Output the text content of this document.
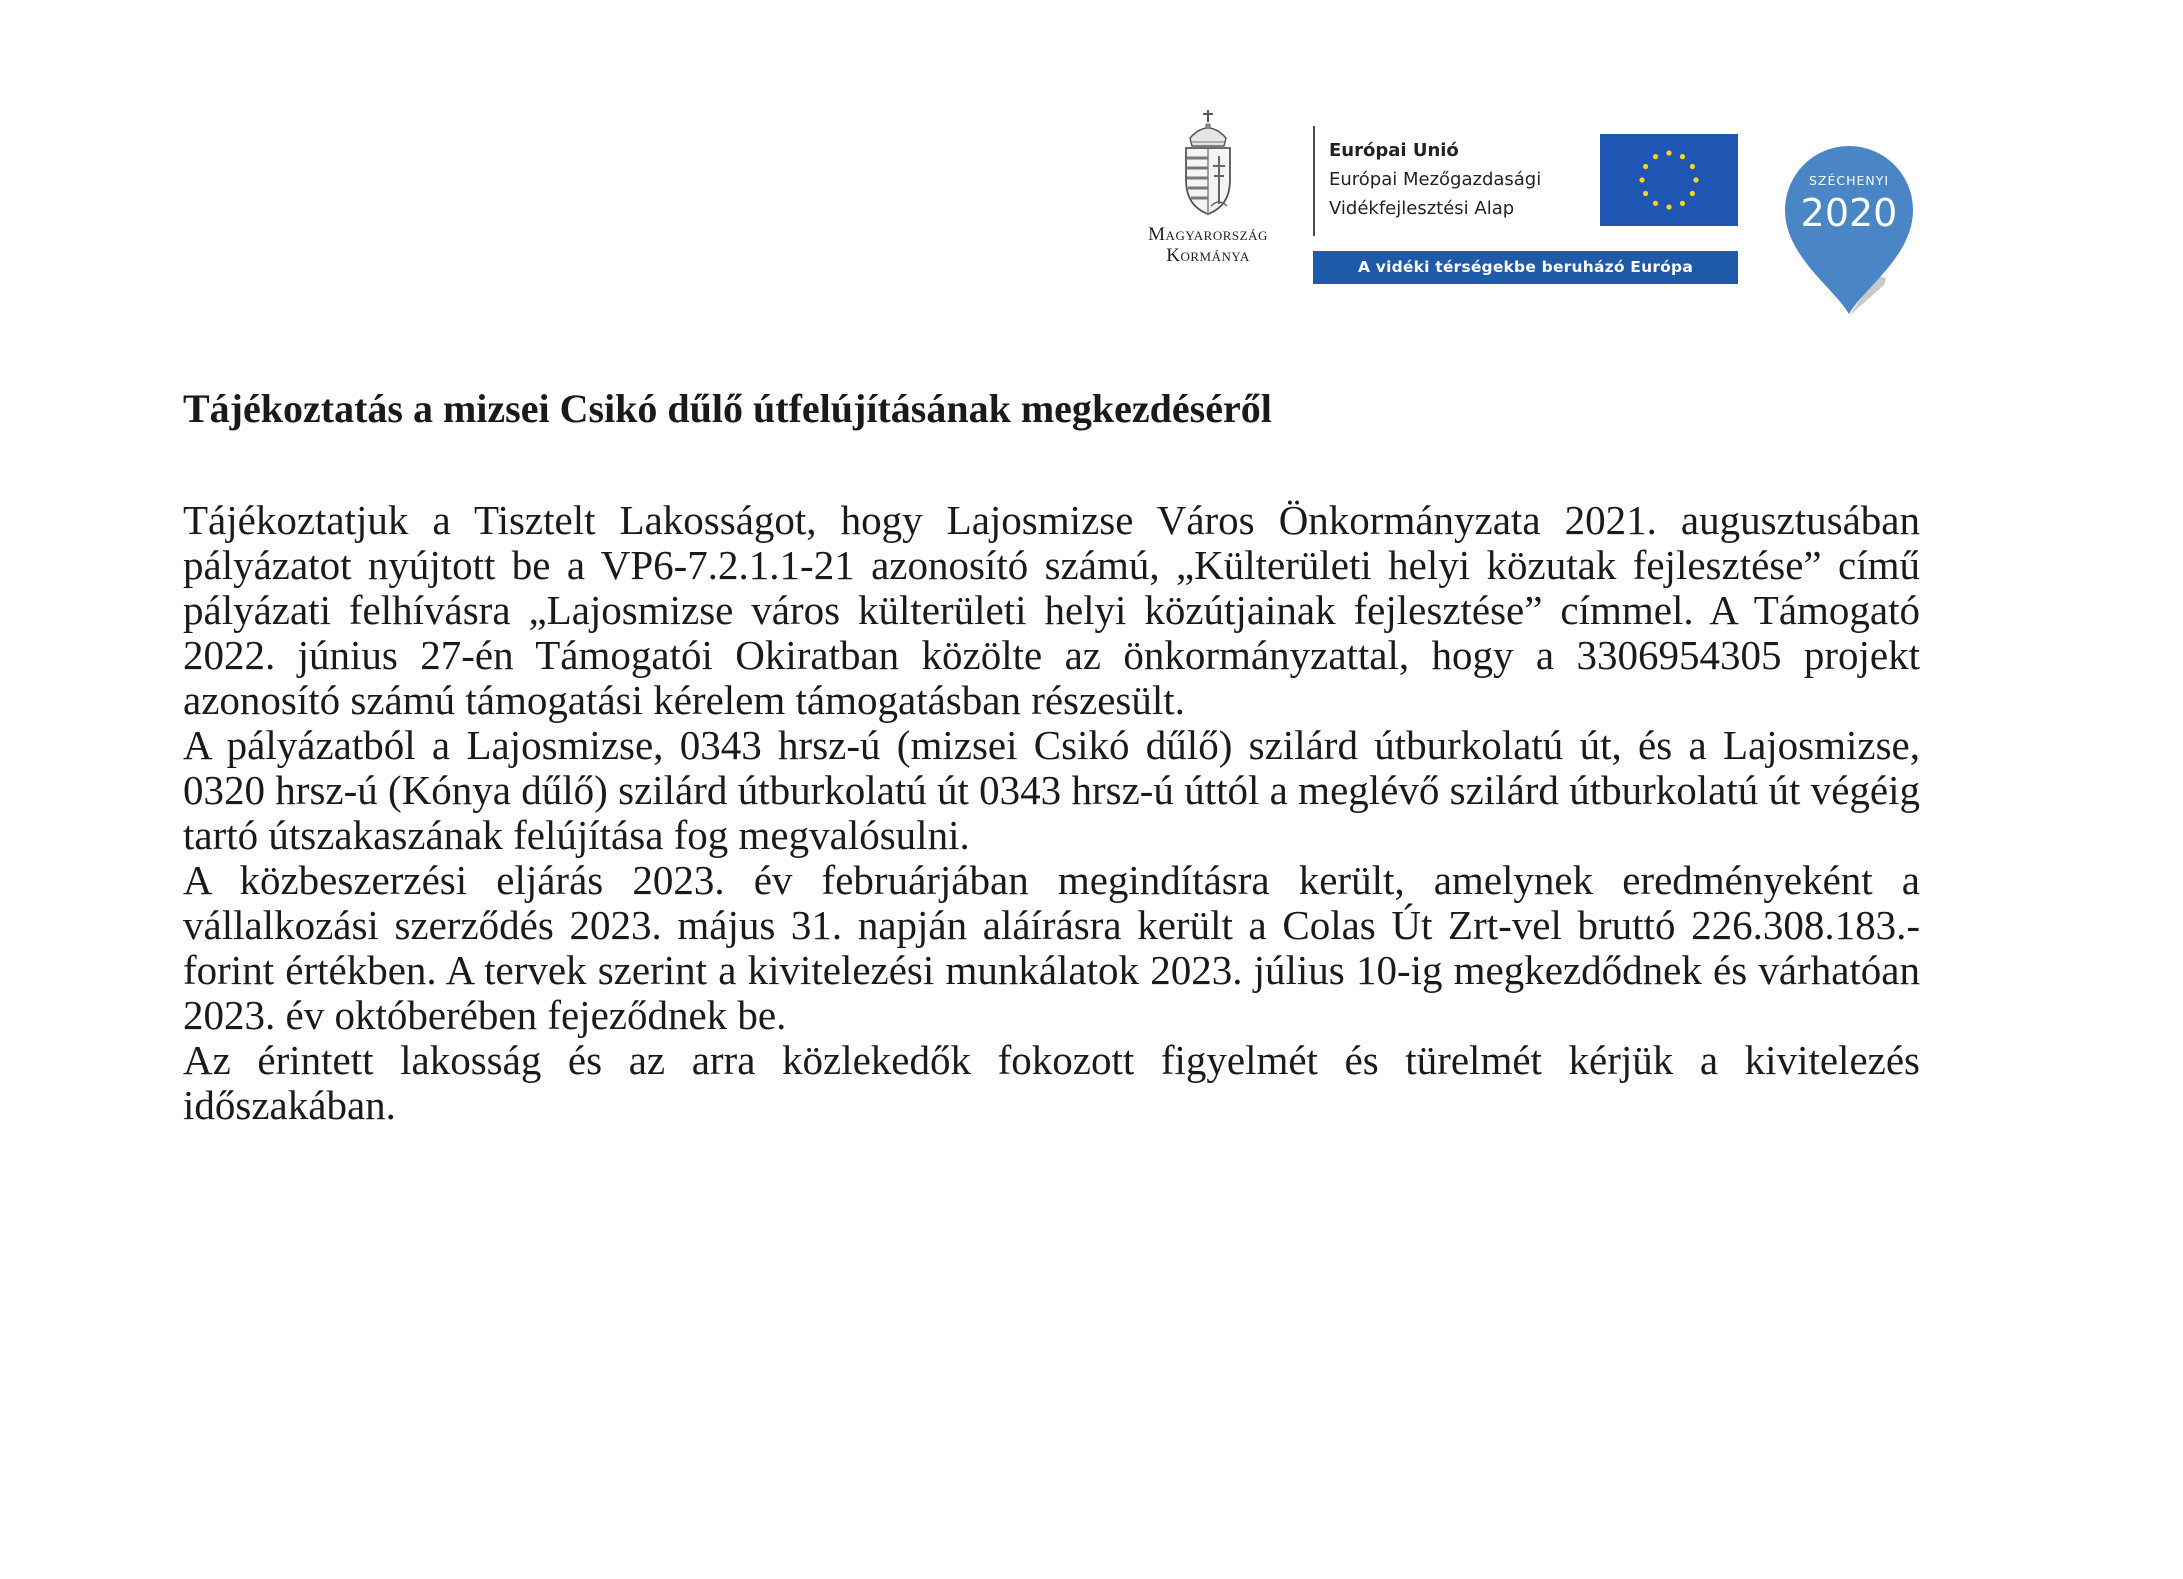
Magyarország
Kormánya
Európai Unió
Európai Mezőgazdasági
Vidékfejlesztési Alap
A vidéki térségekbe beruházó Európa
SZÉCHENYI
2020
Tájékoztatás a mizsei Csikó dűlő útfelújításának megkezdéséről

Tájékoztatjuk a Tisztelt Lakosságot, hogy Lajosmizse Város Önkormányzata 2021. augusztusában pályázatot nyújtott be a VP6-7.2.1.1-21 azonosító számú, „Külterületi helyi közutak fejlesztése” című pályázati felhívásra „Lajosmizse város külterületi helyi közútjainak fejlesztése” címmel. A Támogató 2022. június 27-én Támogatói Okiratban közölte az önkormányzattal, hogy a 3306954305 projekt azonosító számú támogatási kérelem támogatásban részesült.

A pályázatból a Lajosmizse, 0343 hrsz-ú (mizsei Csikó dűlő) szilárd útburkolatú út, és a Lajosmizse, 0320 hrsz-ú (Kónya dűlő) szilárd útburkolatú út 0343 hrsz-ú úttól a meglévő szilárd útburkolatú út végéig tartó útszakaszának felújítása fog megvalósulni.

A közbeszerzési eljárás 2023. év februárjában megindításra került, amelynek eredményeként a vállalkozási szerződés 2023. május 31. napján aláírásra került a Colas Út Zrt-vel bruttó 226.308.183.- forint értékben. A tervek szerint a kivitelezési munkálatok 2023. július 10-ig megkezdődnek és várhatóan 2023. év októberében fejeződnek be.

Az érintett lakosság és az arra közlekedők fokozott figyelmét és türelmét kérjük a kivitelezés időszakában.
